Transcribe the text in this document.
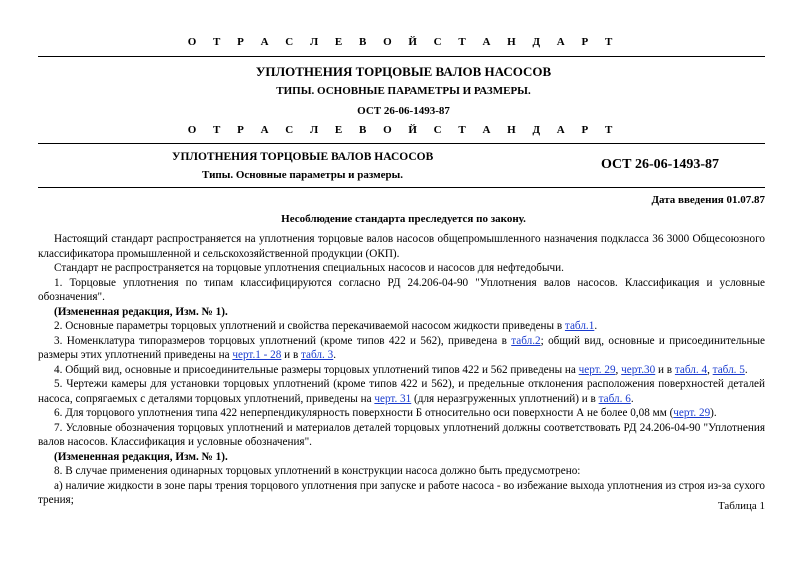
О Т Р А С Л Е В О Й С Т А Н Д А Р Т
УПЛОТНЕНИЯ ТОРЦОВЫЕ ВАЛОВ НАСОСОВ
ТИПЫ. ОСНОВНЫЕ ПАРАМЕТРЫ И РАЗМЕРЫ.
ОСТ 26-06-1493-87
О Т Р А С Л Е В О Й С Т А Н Д А Р Т
УПЛОТНЕНИЯ ТОРЦОВЫЕ ВАЛОВ НАСОСОВ
Типы. Основные параметры и размеры.
ОСТ 26-06-1493-87
Дата введения 01.07.87
Несоблюдение стандарта преследуется по закону.

Настоящий стандарт распространяется на уплотнения торцовые валов насосов общепромышленного назначения подкласса 36 3000 Общесоюзного классификатора промышленной и сельскохозяйственной продукции (ОКП).

Стандарт не распространяется на торцовые уплотнения специальных насосов и насосов для нефтедобычи.

1. Торцовые уплотнения по типам классифицируются согласно РД 24.206-04-90 "Уплотнения валов насосов. Классификация и условные обозначения".

(Измененная редакция, Изм. № 1).

2. Основные параметры торцовых уплотнений и свойства перекачиваемой насосом жидкости приведены в табл.1.

3. Номенклатура типоразмеров торцовых уплотнений (кроме типов 422 и 562), приведена в табл.2; общий вид, основные и присоединительные размеры этих уплотнений приведены на черт.1 - 28 и в табл. 3.

4. Общий вид, основные и присоединительные размеры торцовых уплотнений типов 422 и 562 приведены на черт. 29, черт.30 и в табл. 4, табл. 5.

5. Чертежи камеры для установки торцовых уплотнений (кроме типов 422 и 562), и предельные отклонения расположения поверхностей деталей насоса, сопрягаемых с деталями торцовых уплотнений, приведены на черт. 31 (для неразгруженных уплотнений) и в табл. 6.

6. Для торцового уплотнения типа 422 неперпендикулярность поверхности Б относительно оси поверхности А не более 0,08 мм (черт. 29).

7. Условные обозначения торцовых уплотнений и материалов деталей торцовых уплотнений должны соответствовать РД 24.206-04-90 "Уплотнения валов насосов. Классификация и условные обозначения".

(Измененная редакция, Изм. № 1).

8. В случае применения одинарных торцовых уплотнений в конструкции насоса должно быть предусмотрено:

а) наличие жидкости в зоне пары трения торцового уплотнения при запуске и работе насоса - во избежание выхода уплотнения из строя из-за сухого трения;	Таблица 1
